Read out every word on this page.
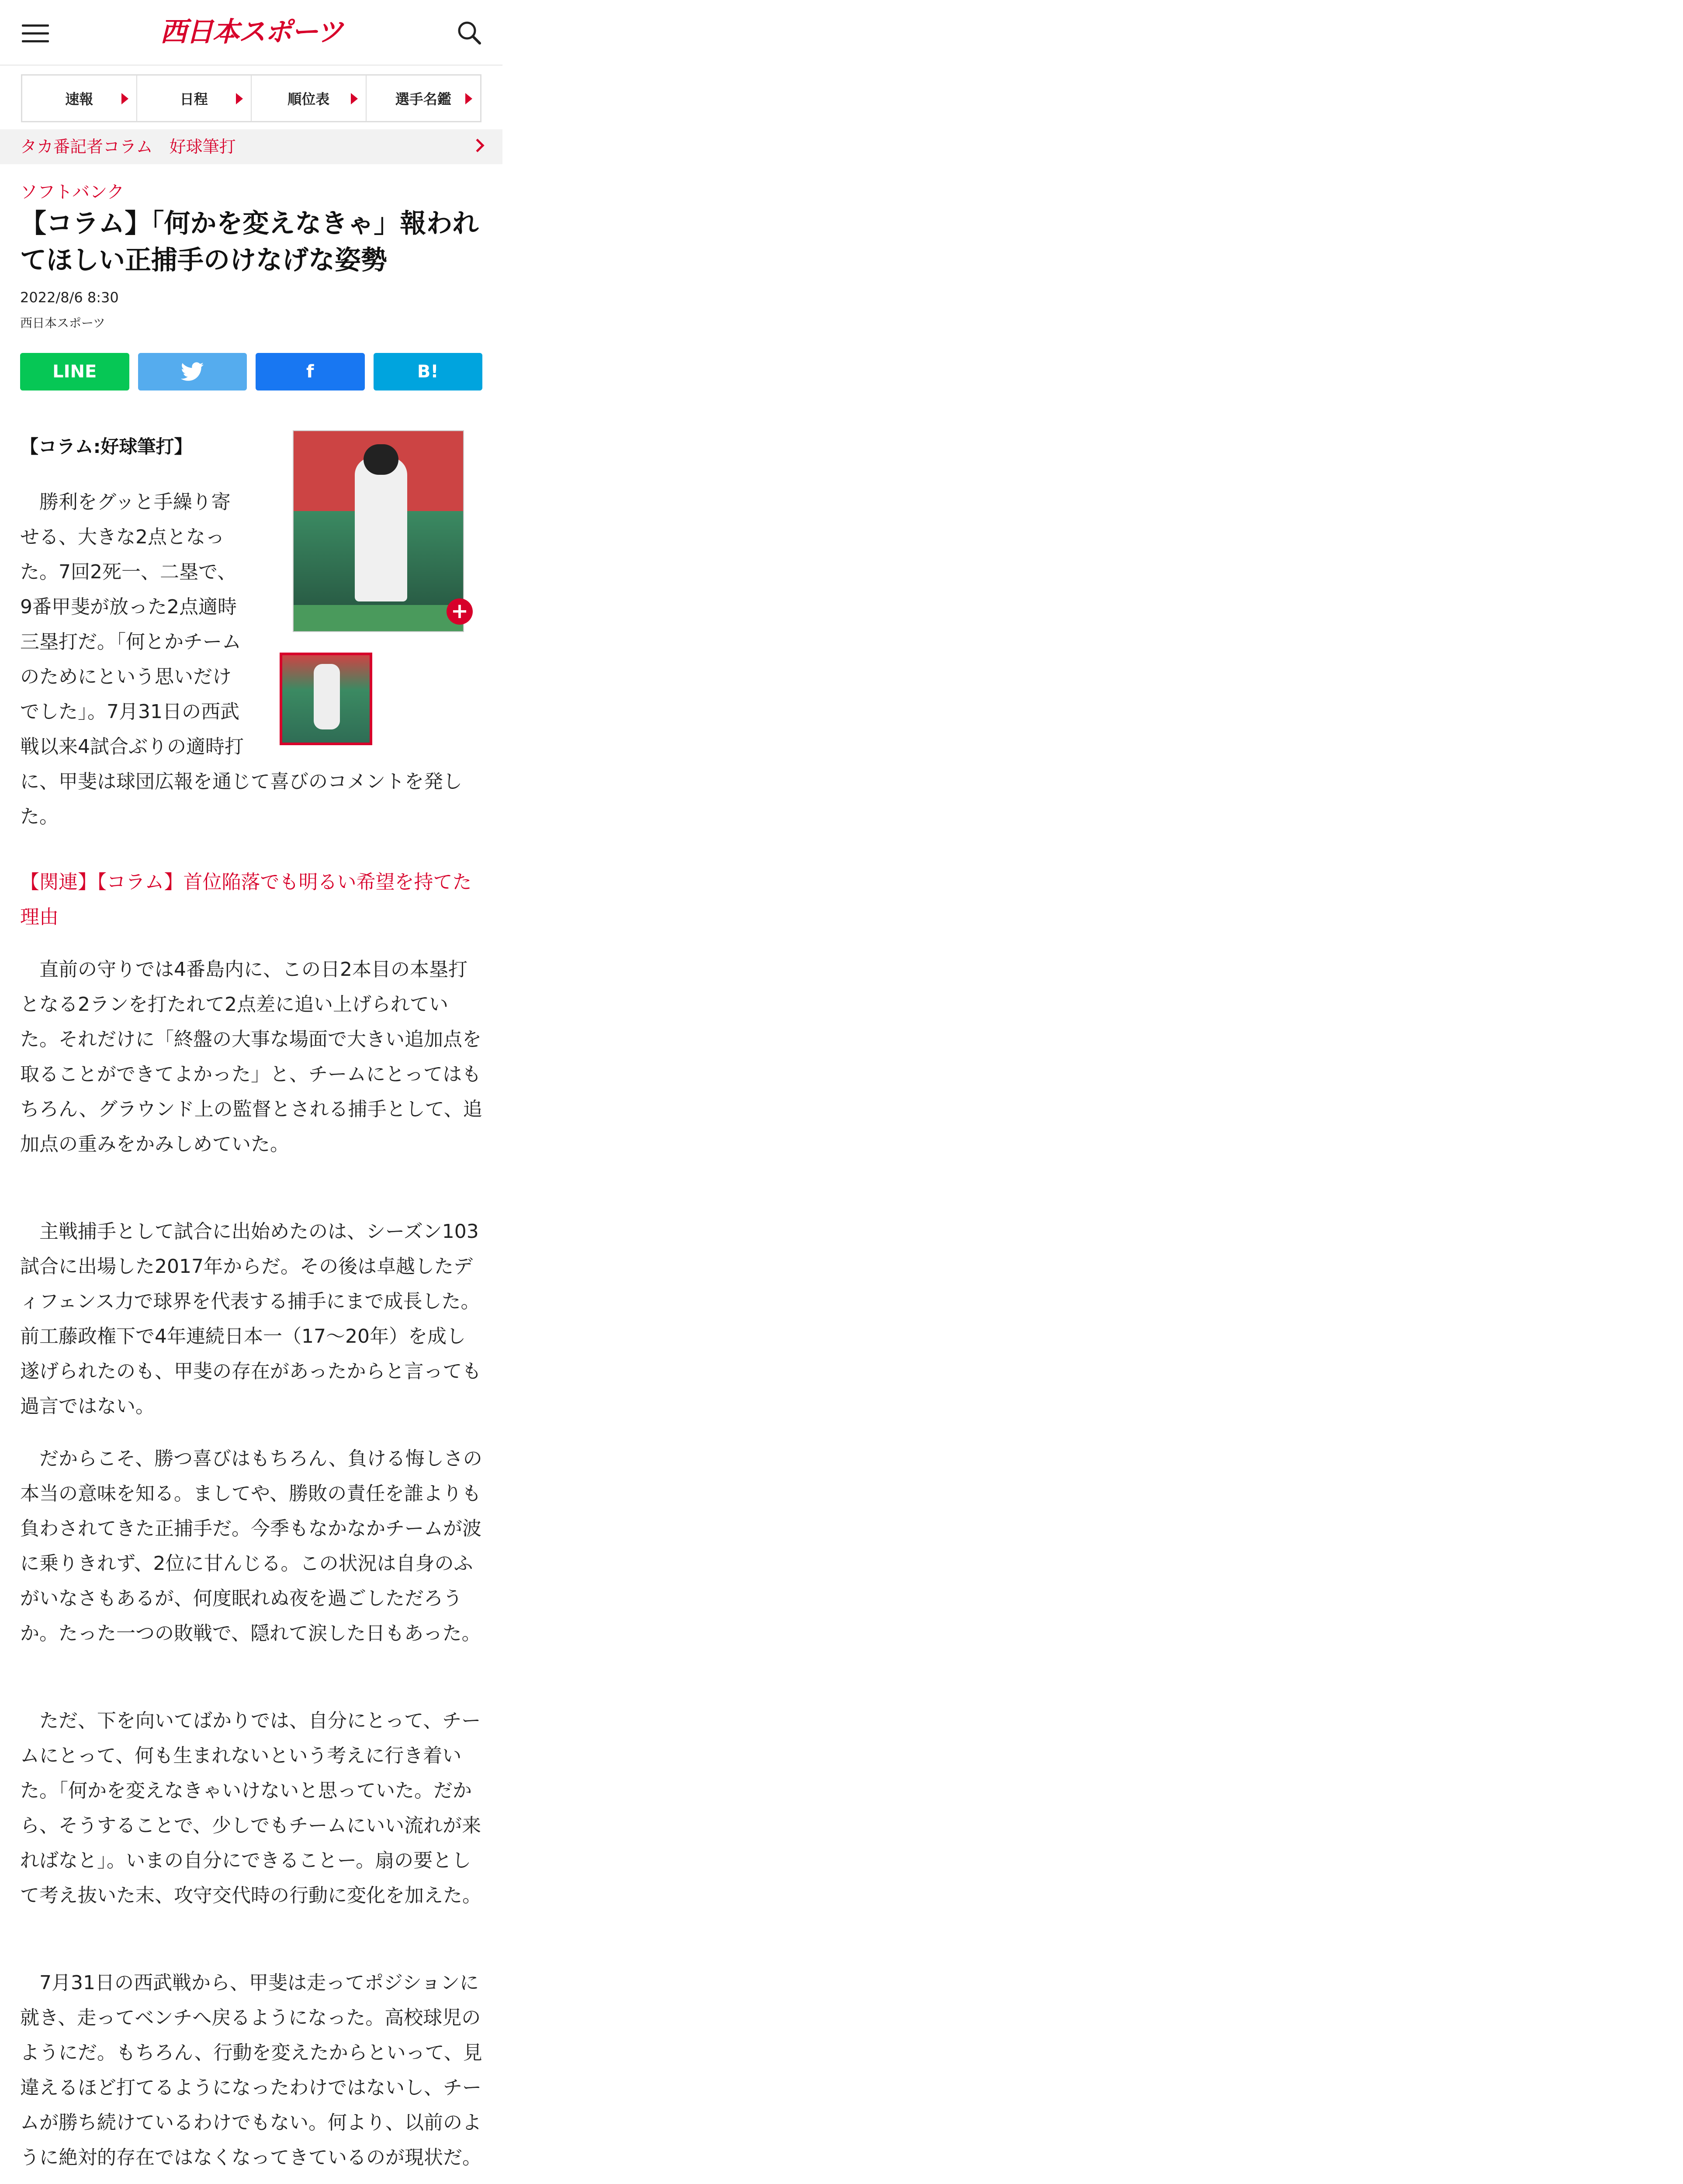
西日本スポーツ
速報	日程	順位表	選手名鑑
タカ番記者コラム　好球筆打
ソフトバンク
【コラム】「何かを変えなきゃ」報われてほしい正捕手のけなげな姿勢
2022/8/6 8:30
西日本スポーツ
LINE	f	B!
【コラム:好球筆打】
+

　勝利をグッと手繰り寄せる、大きな2点となった。7回2死一、二塁で、9番甲斐が放った2点適時三塁打だ。「何とかチームのためにという思いだけでした」。7月31日の西武戦以来4試合ぶりの適時打に、甲斐は球団広報を通じて喜びのコメントを発した。

【関連】【コラム】首位陥落でも明るい希望を持てた理由

　直前の守りでは4番島内に、この日2本目の本塁打となる2ランを打たれて2点差に追い上げられていた。それだけに「終盤の大事な場面で大きい追加点を取ることができてよかった」と、チームにとってはもちろん、グラウンド上の監督とされる捕手として、追加点の重みをかみしめていた。

　主戦捕手として試合に出始めたのは、シーズン103試合に出場した2017年からだ。その後は卓越したディフェンス力で球界を代表する捕手にまで成長した。前工藤政権下で4年連続日本一（17～20年）を成し遂げられたのも、甲斐の存在があったからと言っても過言ではない。

　だからこそ、勝つ喜びはもちろん、負ける悔しさの本当の意味を知る。ましてや、勝敗の責任を誰よりも負わされてきた正捕手だ。今季もなかなかチームが波に乗りきれず、2位に甘んじる。この状況は自身のふがいなさもあるが、何度眠れぬ夜を過ごしただろうか。たった一つの敗戦で、隠れて涙した日もあった。

　ただ、下を向いてばかりでは、自分にとって、チームにとって、何も生まれないという考えに行き着いた。「何かを変えなきゃいけないと思っていた。だから、そうすることで、少しでもチームにいい流れが来ればなと」。いまの自分にできることー。扇の要として考え抜いた末、攻守交代時の行動に変化を加えた。

　7月31日の西武戦から、甲斐は走ってポジションに就き、走ってベンチへ戻るようになった。高校球児のようにだ。もちろん、行動を変えたからといって、見違えるほど打てるようになったわけではないし、チームが勝ち続けているわけでもない。何より、以前のように絶対的存在ではなくなってきているのが現状だ。
